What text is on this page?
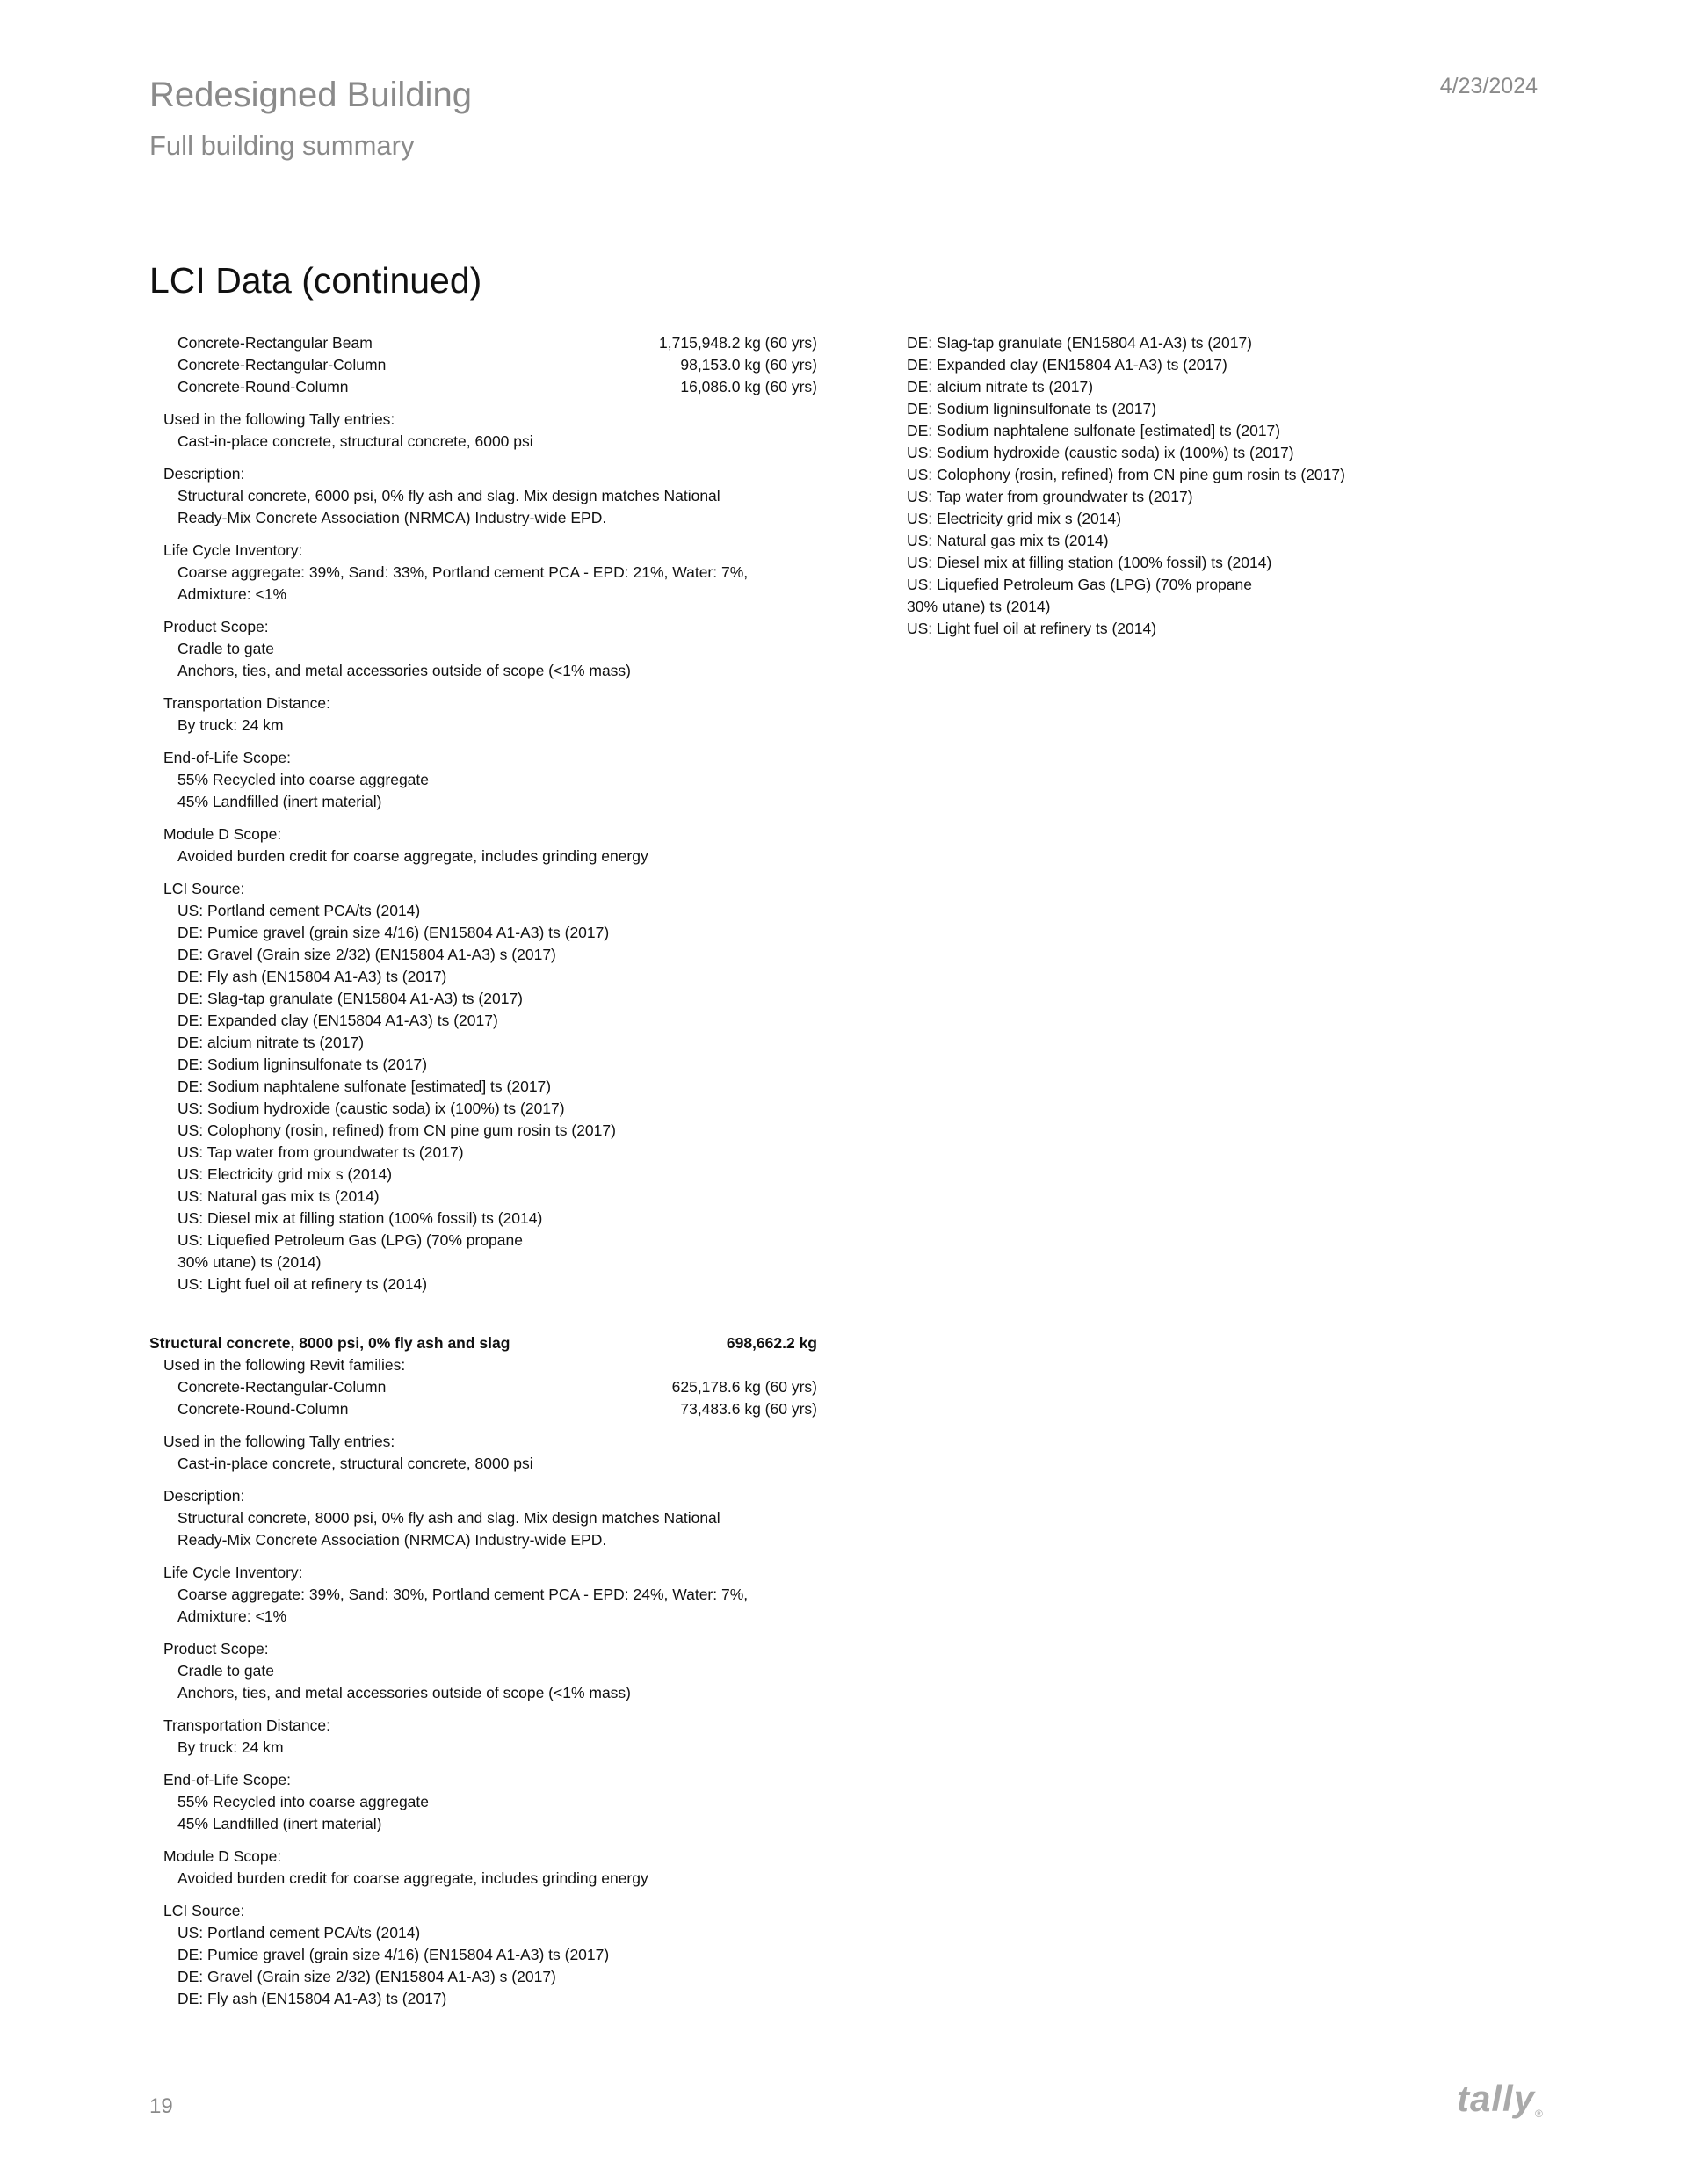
Redesigned Building
Full building summary
4/23/2024
LCI Data (continued)
Concrete-Rectangular Beam	1,715,948.2 kg (60 yrs)
Concrete-Rectangular-Column	98,153.0 kg (60 yrs)
Concrete-Round-Column	16,086.0 kg (60 yrs)
Used in the following Tally entries:
Cast-in-place concrete, structural concrete, 6000 psi
Description:
Structural concrete, 6000 psi, 0% fly ash and slag. Mix design matches National
Ready-Mix Concrete Association (NRMCA) Industry-wide EPD.
Life Cycle Inventory:
Coarse aggregate: 39%, Sand: 33%, Portland cement PCA - EPD: 21%, Water: 7%,
Admixture: <1%
Product Scope:
Cradle to gate
Anchors, ties, and metal accessories outside of scope (<1% mass)
Transportation Distance:
By truck: 24 km
End-of-Life Scope:
55% Recycled into coarse aggregate
45% Landfilled (inert material)
Module D Scope:
Avoided burden credit for coarse aggregate, includes grinding energy
LCI Source:
US: Portland cement PCA/ts (2014)
DE: Pumice gravel (grain size 4/16) (EN15804 A1-A3) ts (2017)
DE: Gravel (Grain size 2/32) (EN15804 A1-A3) s (2017)
DE: Fly ash (EN15804 A1-A3) ts (2017)
DE: Slag-tap granulate (EN15804 A1-A3) ts (2017)
DE: Expanded clay (EN15804 A1-A3) ts (2017)
DE: alcium nitrate ts (2017)
DE: Sodium ligninsulfonate ts (2017)
DE: Sodium naphtalene sulfonate [estimated] ts (2017)
US: Sodium hydroxide (caustic soda) ix (100%) ts (2017)
US: Colophony (rosin, refined) from CN pine gum rosin ts (2017)
US: Tap water from groundwater ts (2017)
US: Electricity grid mix s (2014)
US: Natural gas mix ts (2014)
US: Diesel mix at filling station (100% fossil) ts (2014)
US: Liquefied Petroleum Gas (LPG) (70% propane
30% utane) ts (2014)
US: Light fuel oil at refinery ts (2014)
Structural concrete, 8000 psi, 0% fly ash and slag	698,662.2 kg
Used in the following Revit families:
Concrete-Rectangular-Column	625,178.6 kg (60 yrs)
Concrete-Round-Column	73,483.6 kg (60 yrs)
Used in the following Tally entries:
Cast-in-place concrete, structural concrete, 8000 psi
Description:
Structural concrete, 8000 psi, 0% fly ash and slag. Mix design matches National
Ready-Mix Concrete Association (NRMCA) Industry-wide EPD.
Life Cycle Inventory:
Coarse aggregate: 39%, Sand: 30%, Portland cement PCA - EPD: 24%, Water: 7%,
Admixture: <1%
Product Scope:
Cradle to gate
Anchors, ties, and metal accessories outside of scope (<1% mass)
Transportation Distance:
By truck: 24 km
End-of-Life Scope:
55% Recycled into coarse aggregate
45% Landfilled (inert material)
Module D Scope:
Avoided burden credit for coarse aggregate, includes grinding energy
LCI Source:
US: Portland cement PCA/ts (2014)
DE: Pumice gravel (grain size 4/16) (EN15804 A1-A3) ts (2017)
DE: Gravel (Grain size 2/32) (EN15804 A1-A3) s (2017)
DE: Fly ash (EN15804 A1-A3) ts (2017)
DE: Slag-tap granulate (EN15804 A1-A3) ts (2017)
DE: Expanded clay (EN15804 A1-A3) ts (2017)
DE: alcium nitrate ts (2017)
DE: Sodium ligninsulfonate ts (2017)
DE: Sodium naphtalene sulfonate [estimated] ts (2017)
US: Sodium hydroxide (caustic soda) ix (100%) ts (2017)
US: Colophony (rosin, refined) from CN pine gum rosin ts (2017)
US: Tap water from groundwater ts (2017)
US: Electricity grid mix s (2014)
US: Natural gas mix ts (2014)
US: Diesel mix at filling station (100% fossil) ts (2014)
US: Liquefied Petroleum Gas (LPG) (70% propane
30% utane) ts (2014)
US: Light fuel oil at refinery ts (2014)
19	tally®
